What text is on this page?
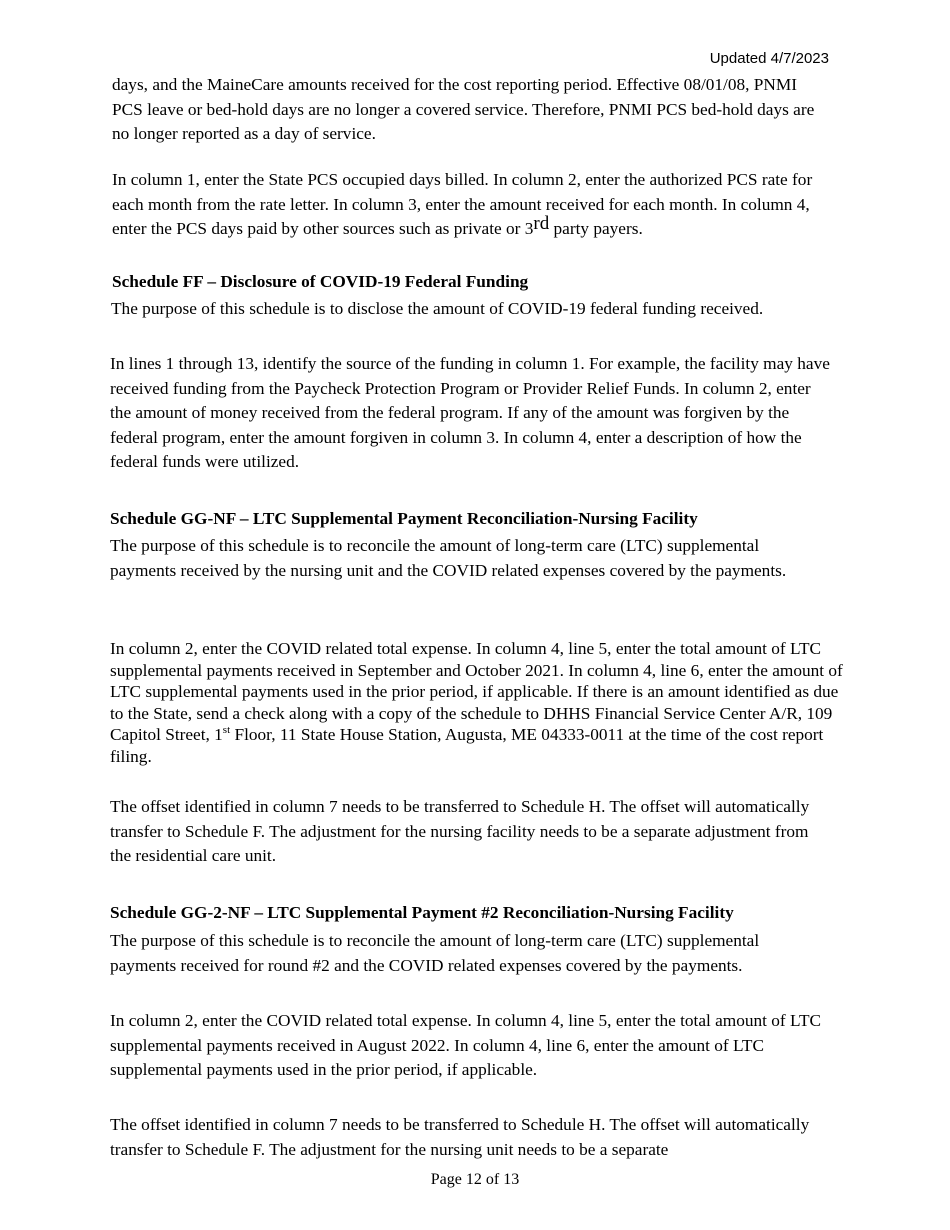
Updated 4/7/2023

days, and the MaineCare amounts received for the cost reporting period. Effective 08/01/08, PNMI PCS leave or bed-hold days are no longer a covered service. Therefore, PNMI PCS bed-hold days are no longer reported as a day of service.

In column 1, enter the State PCS occupied days billed. In column 2, enter the authorized PCS rate for each month from the rate letter. In column 3, enter the amount received for each month. In column 4, enter the PCS days paid by other sources such as private or 3rd party payers.

Schedule FF – Disclosure of COVID-19 Federal Funding

The purpose of this schedule is to disclose the amount of COVID-19 federal funding received.

In lines 1 through 13, identify the source of the funding in column 1. For example, the facility may have received funding from the Paycheck Protection Program or Provider Relief Funds. In column 2, enter the amount of money received from the federal program. If any of the amount was forgiven by the federal program, enter the amount forgiven in column 3. In column 4, enter a description of how the federal funds were utilized.

Schedule GG-NF – LTC Supplemental Payment Reconciliation-Nursing Facility

The purpose of this schedule is to reconcile the amount of long-term care (LTC) supplemental payments received by the nursing unit and the COVID related expenses covered by the payments.

In column 2, enter the COVID related total expense. In column 4, line 5, enter the total amount of LTC supplemental payments received in September and October 2021. In column 4, line 6, enter the amount of LTC supplemental payments used in the prior period, if applicable. If there is an amount identified as due to the State, send a check along with a copy of the schedule to DHHS Financial Service Center A/R, 109 Capitol Street, 1st Floor, 11 State House Station, Augusta, ME 04333-0011 at the time of the cost report filing.

The offset identified in column 7 needs to be transferred to Schedule H. The offset will automatically transfer to Schedule F. The adjustment for the nursing facility needs to be a separate adjustment from the residential care unit.

Schedule GG-2-NF – LTC Supplemental Payment #2 Reconciliation-Nursing Facility

The purpose of this schedule is to reconcile the amount of long-term care (LTC) supplemental payments received for round #2 and the COVID related expenses covered by the payments.

In column 2, enter the COVID related total expense. In column 4, line 5, enter the total amount of LTC supplemental payments received in August 2022. In column 4, line 6, enter the amount of LTC supplemental payments used in the prior period, if applicable.

The offset identified in column 7 needs to be transferred to Schedule H. The offset will automatically transfer to Schedule F. The adjustment for the nursing unit needs to be a separate

Page 12 of 13
